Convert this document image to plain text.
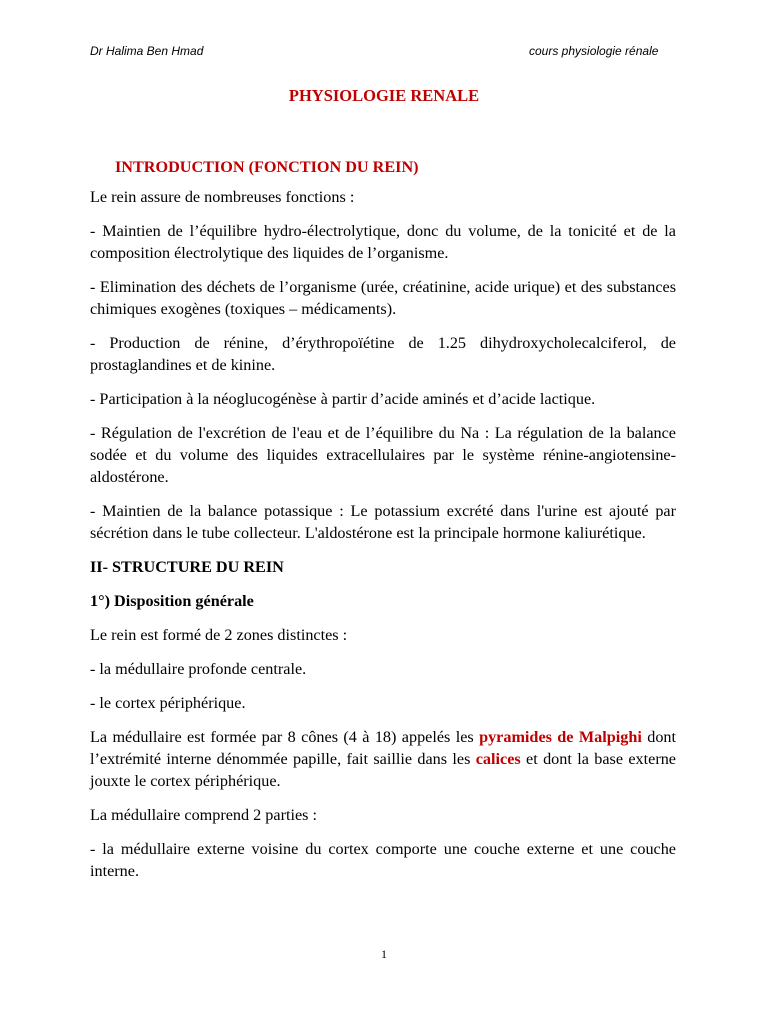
Dr Halima Ben Hmad	cours physiologie rénale
PHYSIOLOGIE RENALE

INTRODUCTION (FONCTION DU REIN)

Le rein assure de nombreuses fonctions :

- Maintien de l’équilibre hydro-électrolytique, donc du volume, de la tonicité et de la composition électrolytique des liquides de l’organisme.

- Elimination des déchets de l’organisme (urée, créatinine, acide urique) et des substances chimiques exogènes (toxiques – médicaments).

- Production de rénine, d’érythropoïétine de 1.25 dihydroxycholecalciferol, de prostaglandines et de kinine.

- Participation à la néoglucogénèse à partir d’acide aminés et d’acide lactique.

- Régulation de l'excrétion de l'eau et de l’équilibre du Na : La régulation de la balance sodée et du volume des liquides extracellulaires par le système rénine-angiotensine-aldostérone.

- Maintien de la balance potassique : Le potassium excrété dans l'urine est ajouté par sécrétion dans le tube collecteur. L'aldostérone est la principale hormone kaliurétique.

II- STRUCTURE DU REIN
1°) Disposition générale

Le rein est formé de 2 zones distinctes :

- la médullaire profonde centrale.

- le cortex périphérique.

La médullaire est formée par 8 cônes (4 à 18) appelés les pyramides de Malpighi dont l’extrémité interne dénommée papille, fait saillie dans les calices et dont la base externe jouxte le cortex périphérique.

La médullaire comprend 2 parties :

- la médullaire externe voisine du cortex comporte une couche externe et une couche interne.

1
